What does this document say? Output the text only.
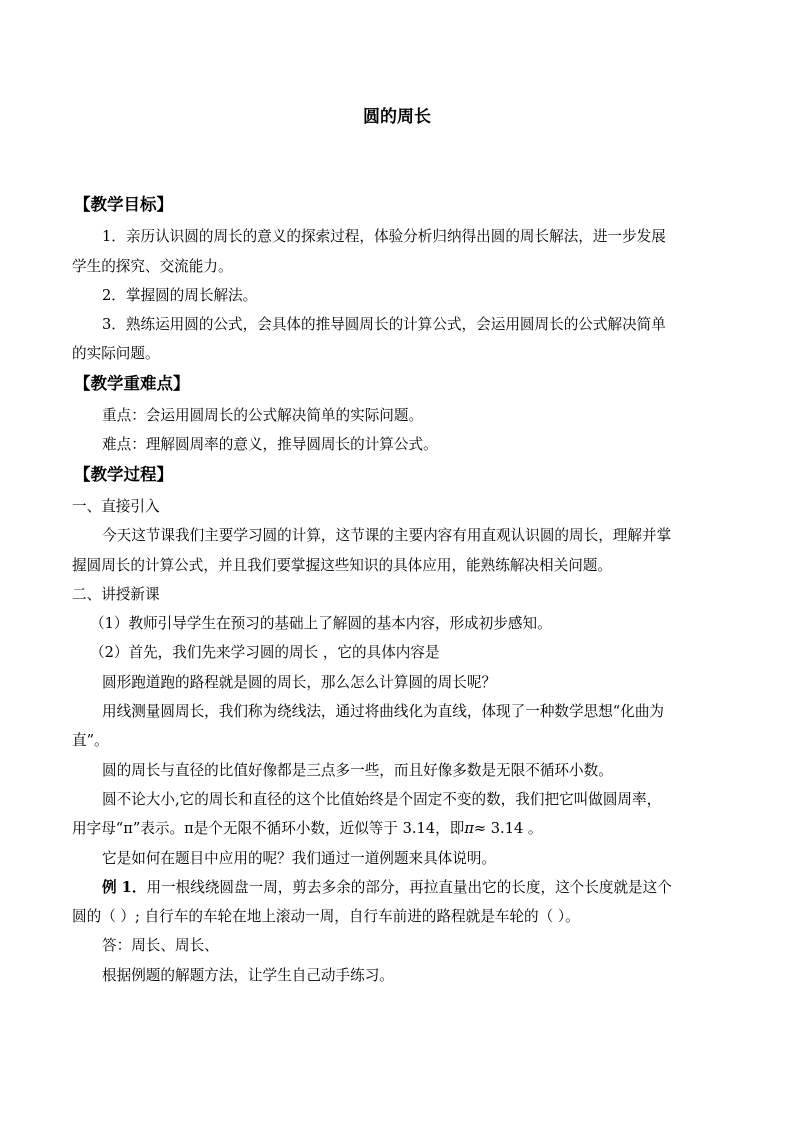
圆的周长
【教学目标】
1．亲历认识圆的周长的意义的探索过程，体验分析归纳得出圆的周长解法，进一步发展
学生的探究、交流能力。
2．掌握圆的周长解法。
3．熟练运用圆的公式，会具体的推导圆周长的计算公式，会运用圆周长的公式解决简单
的实际问题。
【教学重难点】
重点：会运用圆周长的公式解决简单的实际问题。
难点：理解圆周率的意义，推导圆周长的计算公式。
【教学过程】
一、直接引入
今天这节课我们主要学习圆的计算，这节课的主要内容有用直观认识圆的周长，理解并掌
握圆周长的计算公式，并且我们要掌握这些知识的具体应用，能熟练解决相关问题。
二、讲授新课
（1）教师引导学生在预习的基础上了解圆的基本内容，形成初步感知。
（2）首先，我们先来学习圆的周长 ，它的具体内容是
圆形跑道跑的路程就是圆的周长，那么怎么计算圆的周长呢？
用线测量圆周长，我们称为绕线法，通过将曲线化为直线，体现了一种数学思想“化曲为
直”。
圆的周长与直径的比值好像都是三点多一些，而且好像多数是无限不循环小数。
圆不论大小,它的周长和直径的这个比值始终是个固定不变的数，我们把它叫做圆周率，
用字母“π”表示。π是个无限不循环小数，近似等于 3.14，即π≈ 3.14 。
它是如何在题目中应用的呢？我们通过一道例题来具体说明。
例 1．用一根线绕圆盘一周，剪去多余的部分，再拉直量出它的长度，这个长度就是这个
圆的（ ）; 自行车的车轮在地上滚动一周，自行车前进的路程就是车轮的（ ）。
答：周长、周长、
根据例题的解题方法，让学生自己动手练习。
